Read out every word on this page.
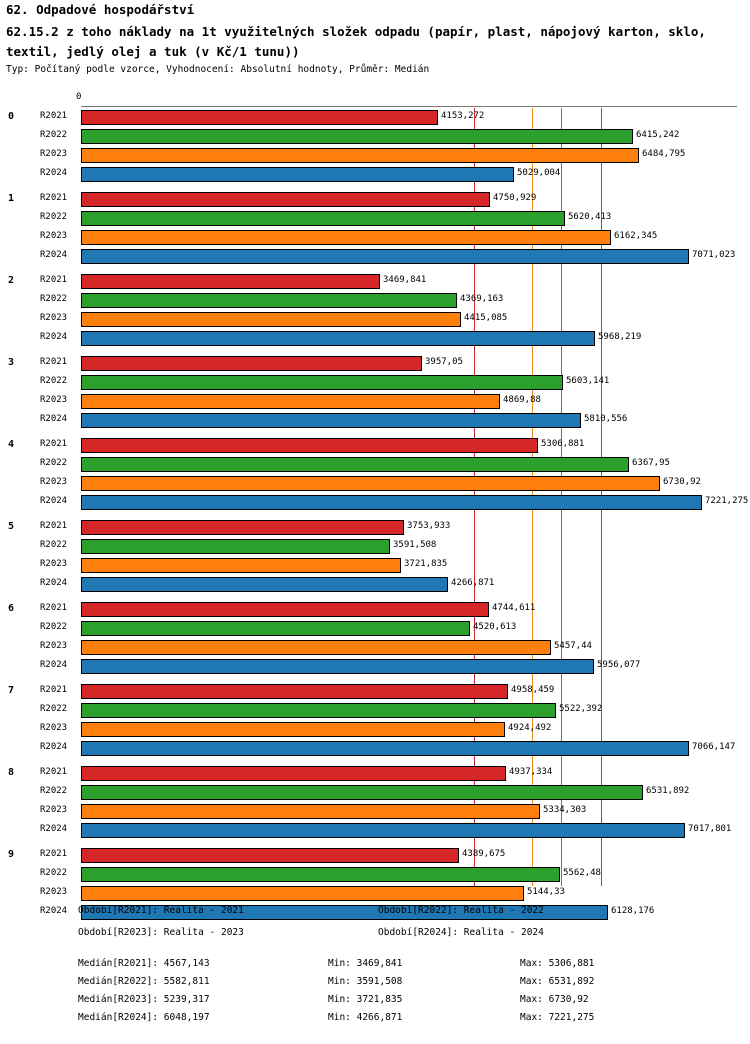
62. Odpadové hospodářství
62.15.2 z toho náklady na 1t využitelných složek odpadu (papír, plast, nápojový karton, sklo, textil, jedlý olej a tuk (v Kč/1 tunu))
Typ: Počítaný podle vzorce, Vyhodnocení: Absolutní hodnoty, Průměr: Medián
0
0	R2021	4153,272
R2022	6415,242
R2023	6484,795
R2024	5029,004
1	R2021	4750,929
R2022	5620,413
R2023	6162,345
R2024	7071,023
2	R2021	3469,841
R2022	4369,163
R2023	4415,085
R2024	5968,219
3	R2021	3957,05
R2022	5603,141
R2023	4869,88
R2024	5810,556
4	R2021	5306,881
R2022	6367,95
R2023	6730,92
R2024	7221,275
5	R2021	3753,933
R2022	3591,508
R2023	3721,835
R2024	4266,871
6	R2021	4744,611
R2022	4520,613
R2023	5457,44
R2024	5956,077
7	R2021	4958,459
R2022	5522,392
R2023	4924,492
R2024	7066,147
8	R2021	4937,334
R2022	6531,892
R2023	5334,303
R2024	7017,801
9	R2021	4389,675
R2022	5562,48
R2023	5144,33
R2024	6128,176
Období[R2021]: Realita - 2021	Období[R2022]: Realita - 2022
Období[R2023]: Realita - 2023	Období[R2024]: Realita - 2024
Medián[R2021]: 4567,143	Min: 3469,841	Max: 5306,881
Medián[R2022]: 5582,811	Min: 3591,508	Max: 6531,892
Medián[R2023]: 5239,317	Min: 3721,835	Max: 6730,92
Medián[R2024]: 6048,197	Min: 4266,871	Max: 7221,275
